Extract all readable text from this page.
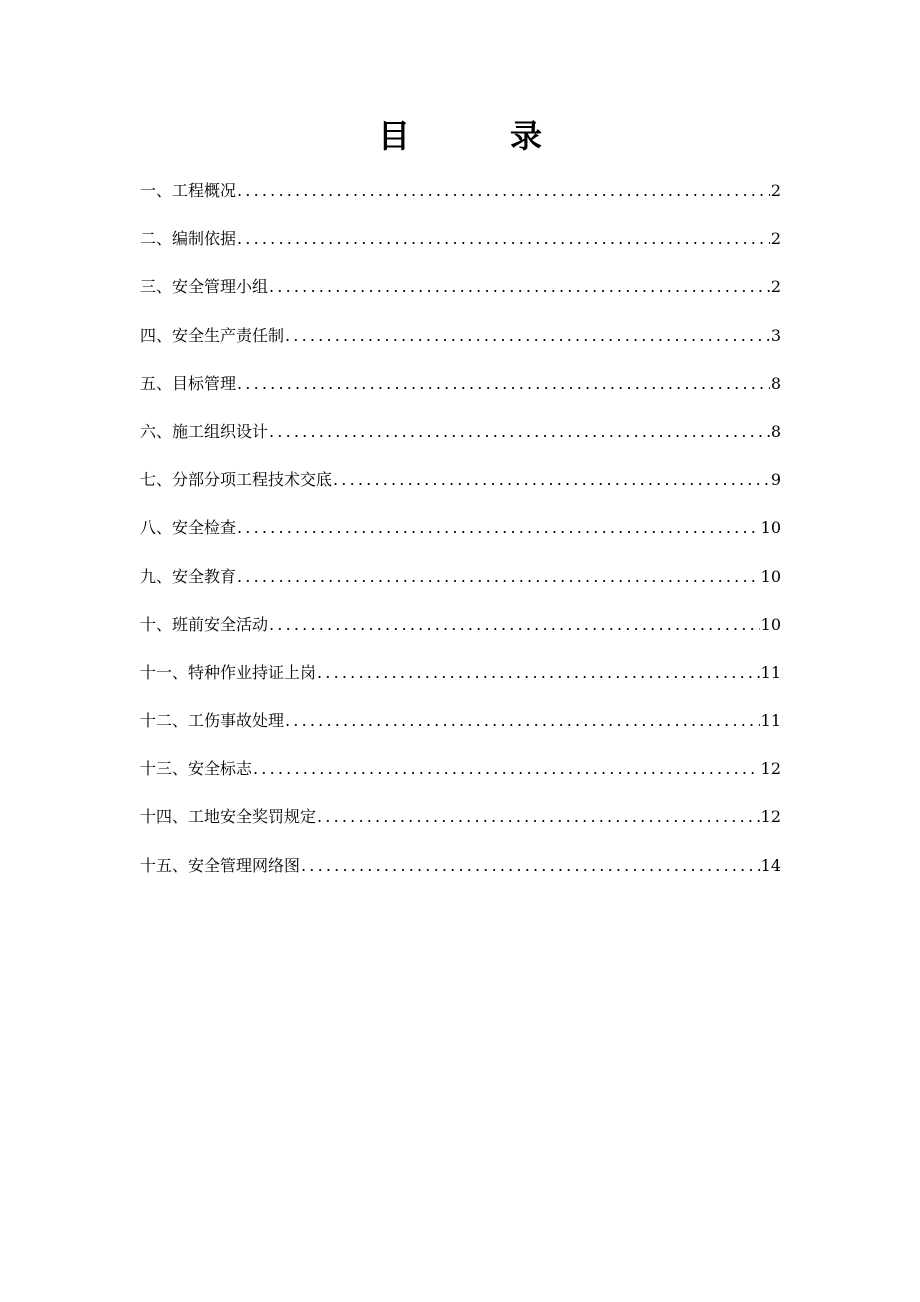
目　录
一、工程概况 .....	2
二、编制依据 .....	2
三、安全管理小组 .....	2
四、安全生产责任制 .....	3
五、目标管理 .....	8
六、施工组织设计 .....	8
七、分部分项工程技术交底 .....	9
八、安全检查 .....	10
九、安全教育 .....	10
十、班前安全活动 .....	10
十一、特种作业持证上岗 .....	11
十二、工伤事故处理 .....	11
十三、安全标志 .....	12
十四、工地安全奖罚规定 .....	12
十五、安全管理网络图 .....	14
